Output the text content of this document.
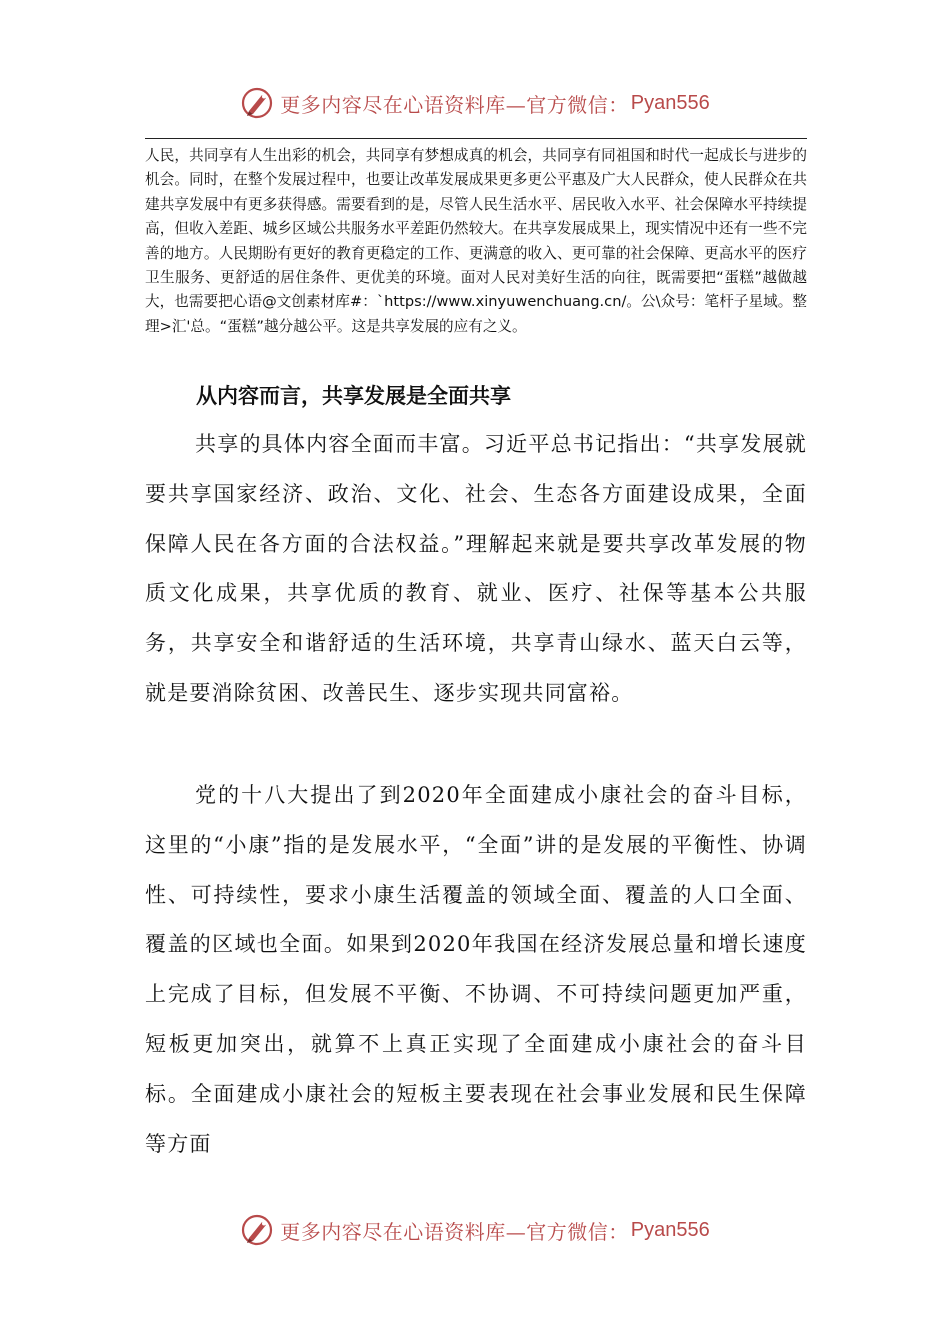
更多内容尽在心语资料库—官方微信： Pyan556

人民，共同享有人生出彩的机会，共同享有梦想成真的机会，共同享有同祖国和时代一起成长与进步的机会。同时，在整个发展过程中，也要让改革发展成果更多更公平惠及广大人民群众，使人民群众在共建共享发展中有更多获得感。需要看到的是，尽管人民生活水平、居民收入水平、社会保障水平持续提高，但收入差距、城乡区域公共服务水平差距仍然较大。在共享发展成果上，现实情况中还有一些不完善的地方。人民期盼有更好的教育更稳定的工作、更满意的收入、更可靠的社会保障、更高水平的医疗卫生服务、更舒适的居住条件、更优美的环境。面对人民对美好生活的向往，既需要把“蛋糕”越做越大，也需要把心语@文创素材库#：`https://www.xinyuwenchuang.cn/。公\众号：笔杆子星域。整理>汇'总。“蛋糕”越分越公平。这是共享发展的应有之义。

从内容而言，共享发展是全面共享

共享的具体内容全面而丰富。习近平总书记指出：“共享发展就要共享国家经济、政治、文化、社会、生态各方面建设成果，全面保障人民在各方面的合法权益。”理解起来就是要共享改革发展的物质文化成果，共享优质的教育、就业、医疗、社保等基本公共服务，共享安全和谐舒适的生活环境，共享青山绿水、蓝天白云等，就是要消除贫困、改善民生、逐步实现共同富裕。

党的十八大提出了到2020年全面建成小康社会的奋斗目标，这里的“小康”指的是发展水平，“全面”讲的是发展的平衡性、协调性、可持续性，要求小康生活覆盖的领域全面、覆盖的人口全面、覆盖的区域也全面。如果到2020年我国在经济发展总量和增长速度上完成了目标，但发展不平衡、不协调、不可持续问题更加严重，短板更加突出，就算不上真正实现了全面建成小康社会的奋斗目标。全面建成小康社会的短板主要表现在社会事业发展和民生保障等方面

更多内容尽在心语资料库—官方微信： Pyan556
